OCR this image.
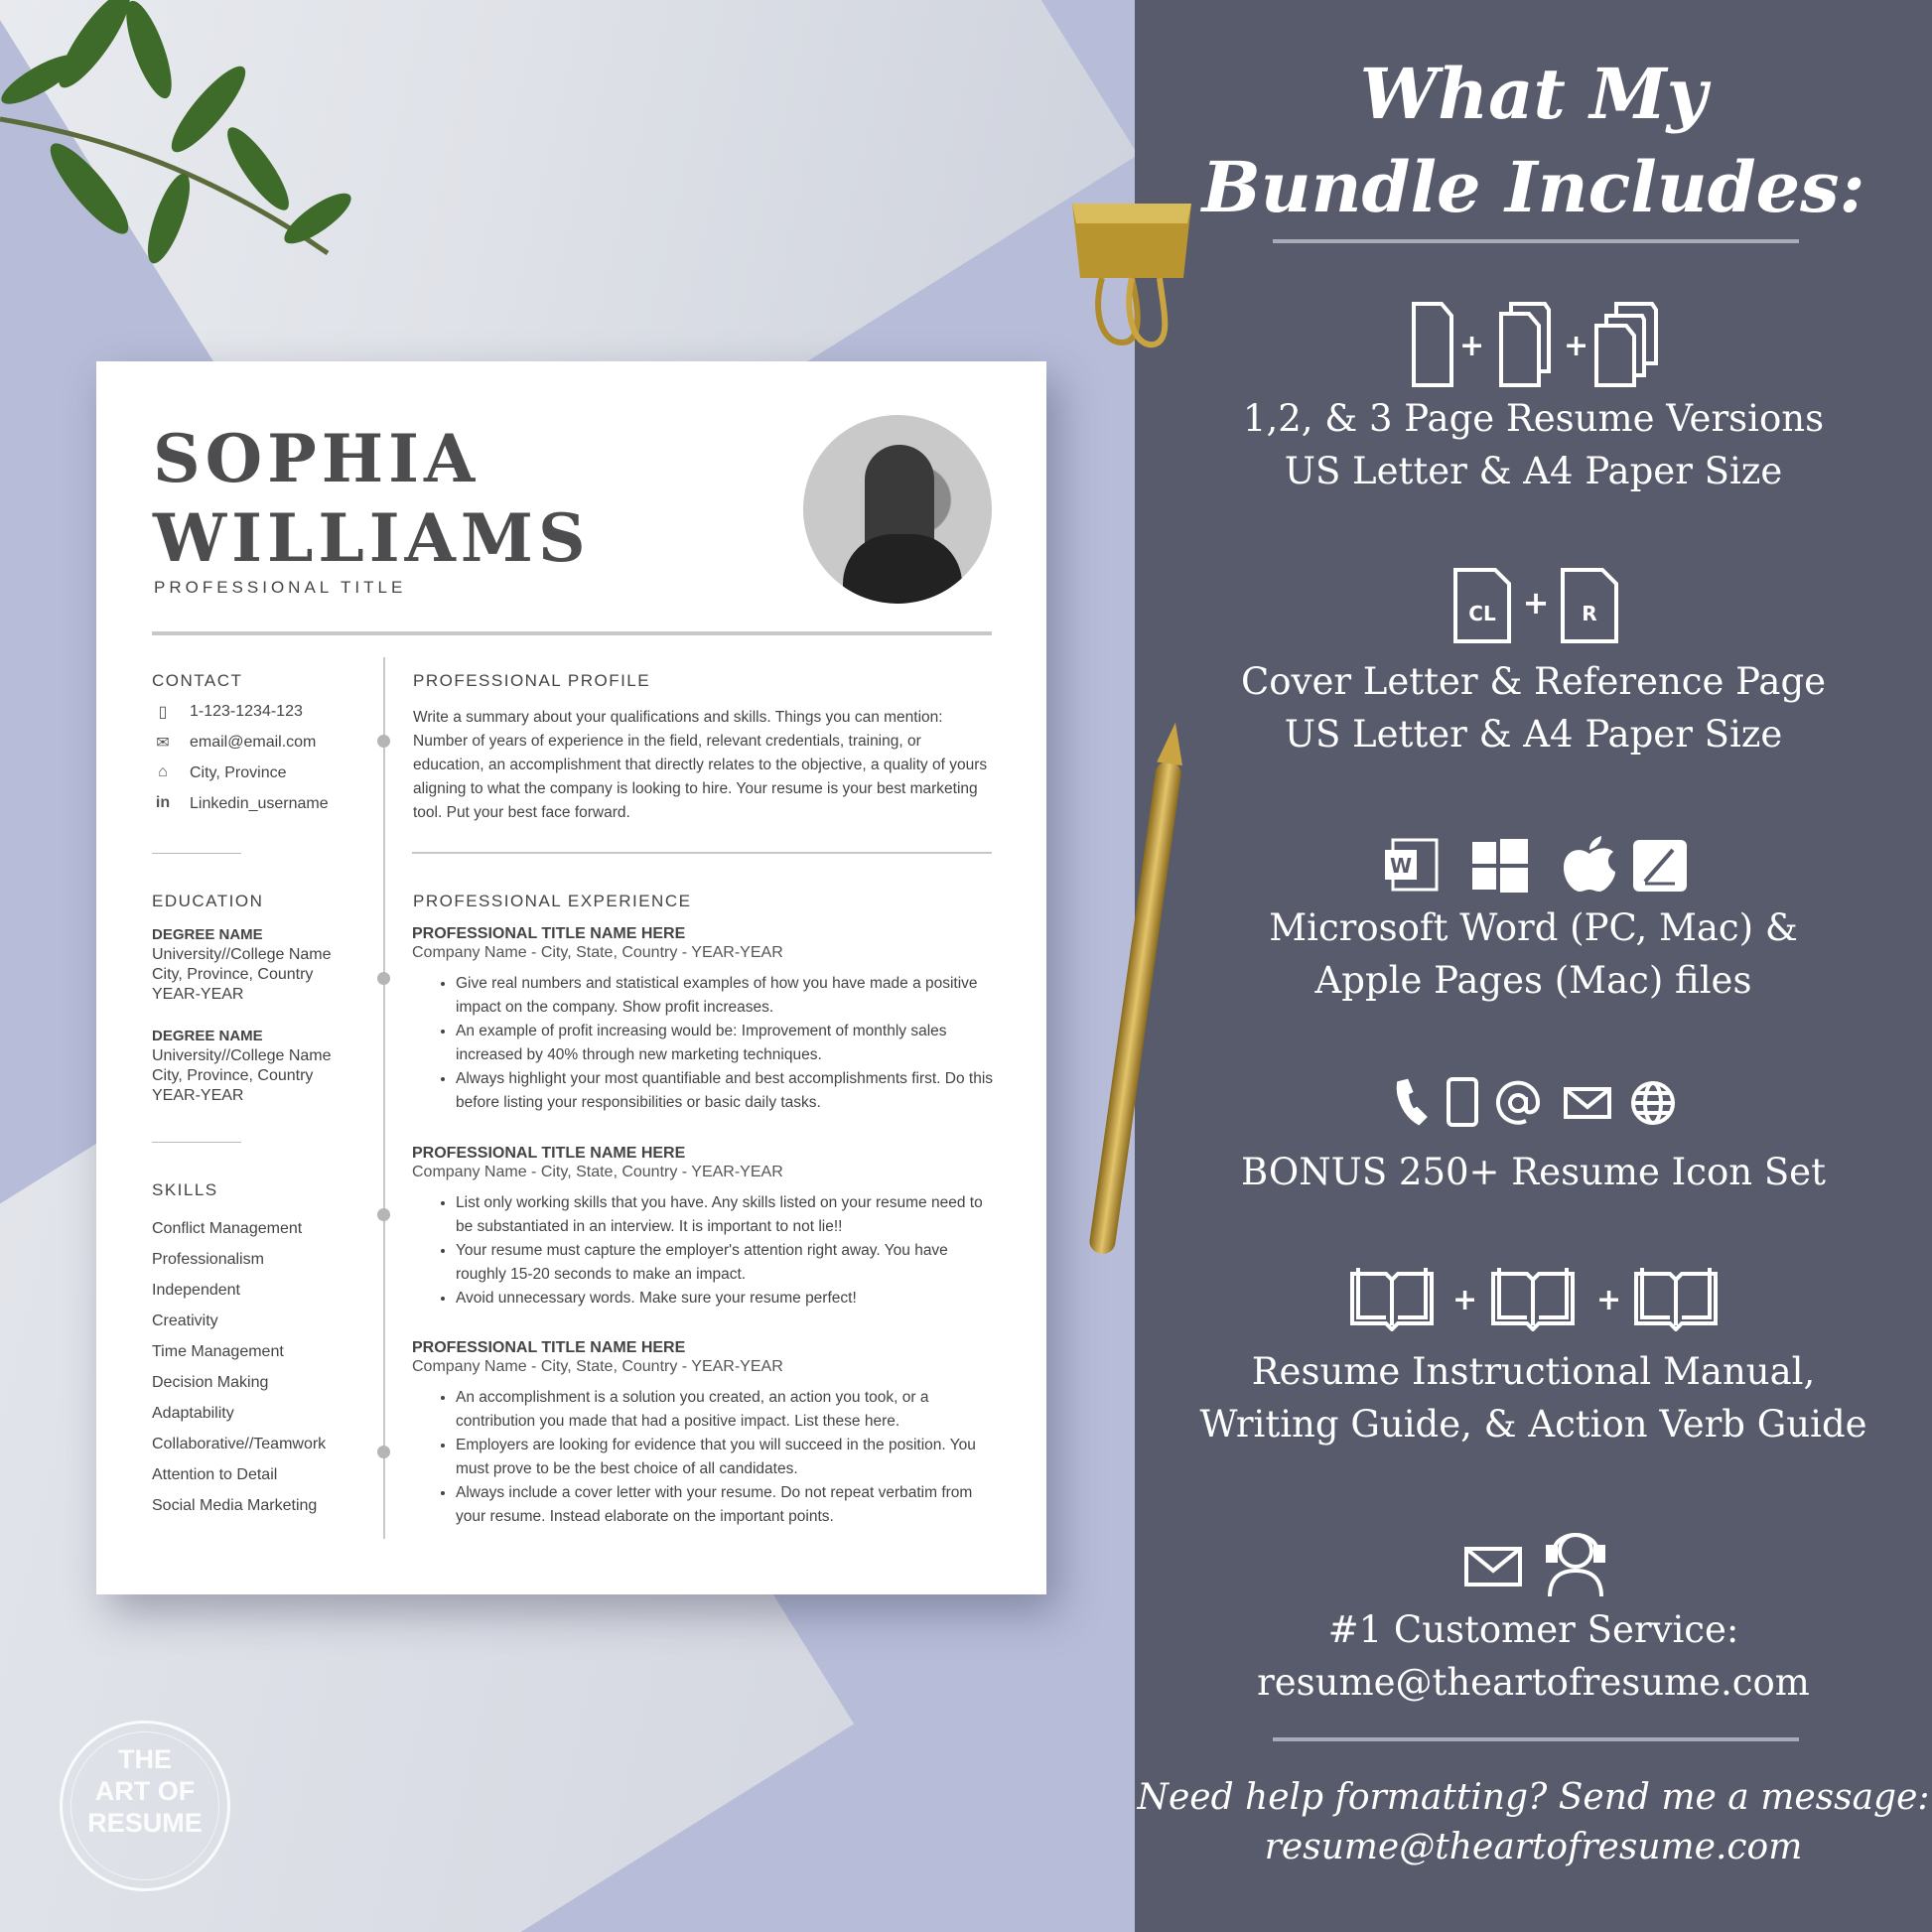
SOPHIA
WILLIAMS
PROFESSIONAL TITLE
CONTACT
▯	1-123-1234-123
✉ email@email.com
⌂	City, Province
in Linkedin_username
EDUCATION
DEGREE NAME
University//College Name
City, Province, Country
YEAR-YEAR
DEGREE NAME
University//College Name
City, Province, Country
YEAR-YEAR
SKILLS
Conflict Management
Professionalism
Independent
Creativity
Time Management
Decision Making
Adaptability
Collaborative//Teamwork
Attention to Detail
Social Media Marketing
PROFESSIONAL PROFILE
Write a summary about your qualifications and skills. Things you can mention: Number of years of experience in the field, relevant credentials, training, or education, an accomplishment that directly relates to the objective, a quality of yours aligning to what the company is looking to hire. Your resume is your best marketing tool. Put your best face forward.
PROFESSIONAL EXPERIENCE
PROFESSIONAL TITLE NAME HERE
Company Name - City, State, Country - YEAR-YEAR
• Give real numbers and statistical examples of how you have made a positive impact on the company. Show profit increases.
• An example of profit increasing would be: Improvement of monthly sales increased by 40% through new marketing techniques.
• Always highlight your most quantifiable and best accomplishments first. Do this before listing your responsibilities or basic daily tasks.
PROFESSIONAL TITLE NAME HERE
Company Name - City, State, Country - YEAR-YEAR
• List only working skills that you have. Any skills listed on your resume need to be substantiated in an interview. It is important to not lie!!
• Your resume must capture the employer's attention right away. You have roughly 15-20 seconds to make an impact.
• Avoid unnecessary words. Make sure your resume perfect!
PROFESSIONAL TITLE NAME HERE
Company Name - City, State, Country - YEAR-YEAR
• An accomplishment is a solution you created, an action you took, or a contribution you made that had a positive impact. List these here.
• Employers are looking for evidence that you will succeed in the position. You must prove to be the best choice of all candidates.
• Always include a cover letter with your resume. Do not repeat verbatim from your resume. Instead elaborate on the important points.
THE
ART OF
RESUME
What My
Bundle Includes:
+	+
1,2, & 3 Page Resume Versions
US Letter & A4 Paper Size
CL	R
+
Cover Letter & Reference Page
US Letter & A4 Paper Size
W
Microsoft Word (PC, Mac) &
Apple Pages (Mac) files
BONUS 250+ Resume Icon Set
+	+
Resume Instructional Manual,
Writing Guide, & Action Verb Guide
#1 Customer Service:
resume@theartofresume.com
Need help formatting? Send me a message:
resume@theartofresume.com
